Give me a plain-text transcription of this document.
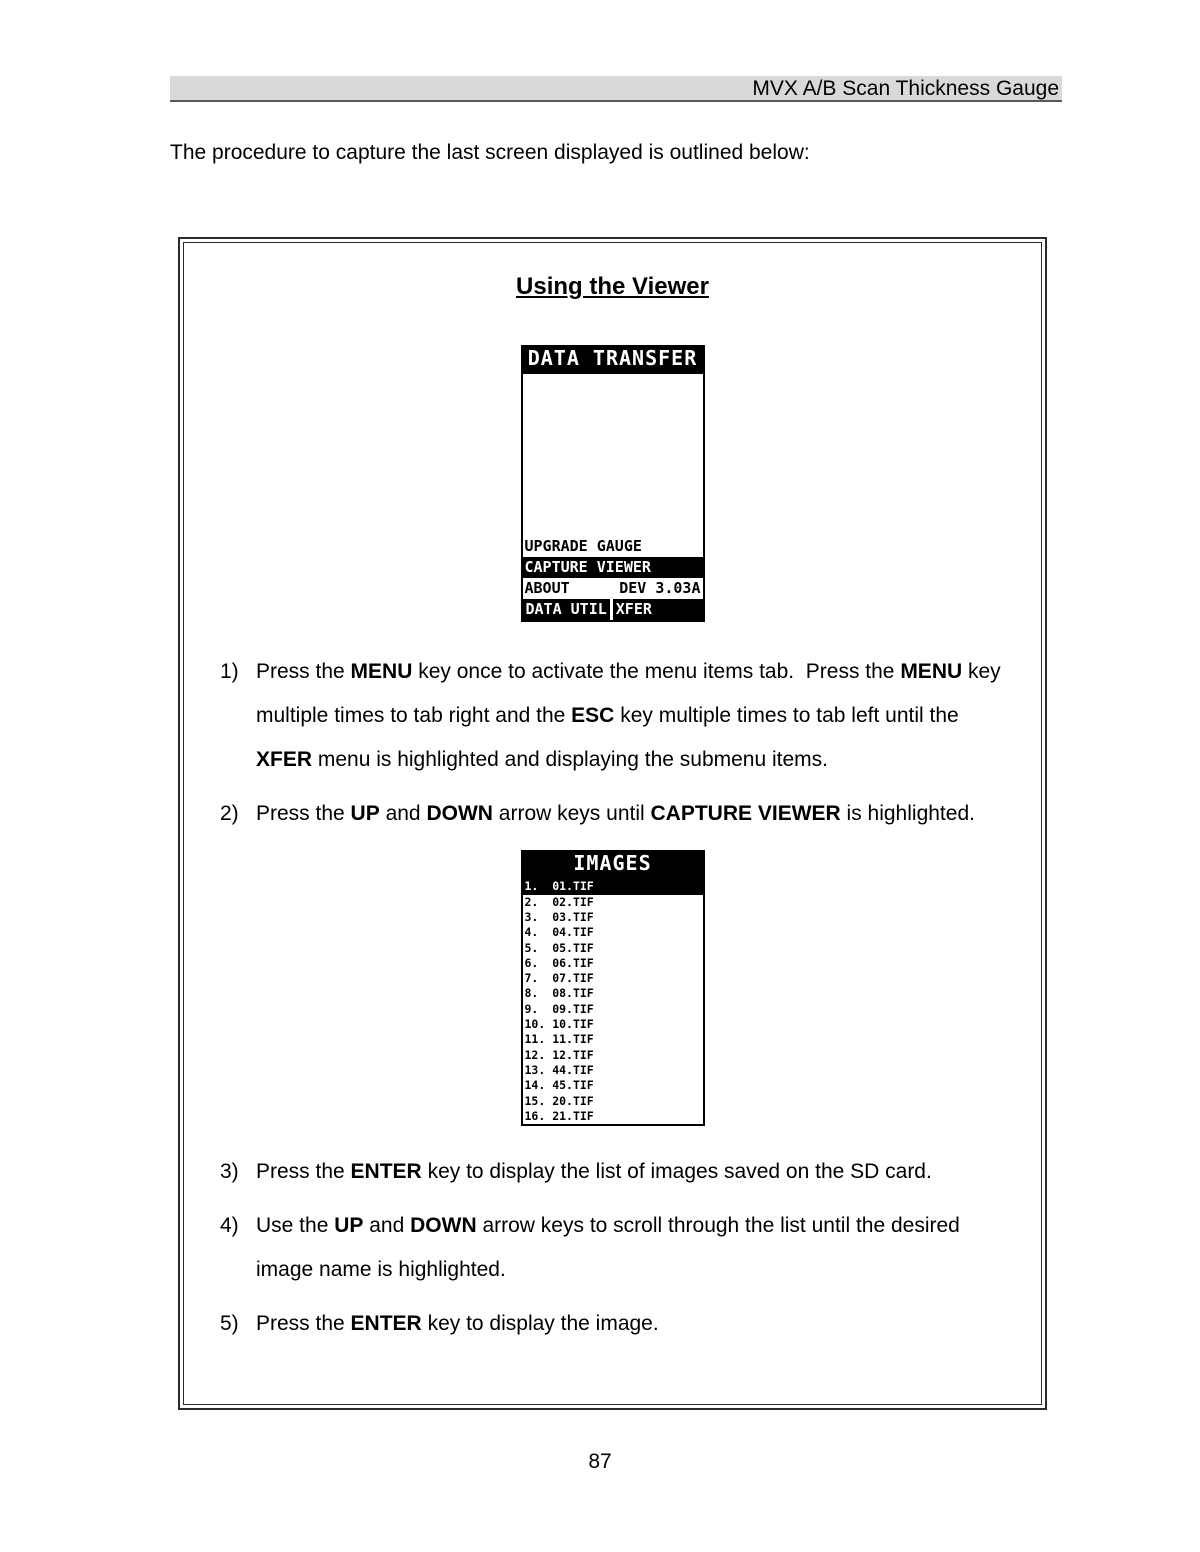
MVX A/B Scan Thickness Gauge

The procedure to capture the last screen displayed is outlined below:

Using the Viewer
DATA TRANSFER
UPGRADE GAUGE
CAPTURE VIEWER
ABOUT	DEV 3.03A
DATA UTIL XFER
1) Press the MENU key once to activate the menu items tab.  Press the MENU key multiple times to tab right and the ESC key multiple times to tab left until the XFER menu is highlighted and displaying the submenu items.
2) Press the UP and DOWN arrow keys until CAPTURE VIEWER is highlighted.
IMAGES
1.  01.TIF
2.  02.TIF
3.  03.TIF
4.  04.TIF
5.  05.TIF
6.  06.TIF
7.  07.TIF
8.  08.TIF
9.  09.TIF
10. 10.TIF
11. 11.TIF
12. 12.TIF
13. 44.TIF
14. 45.TIF
15. 20.TIF
16. 21.TIF
3) Press the ENTER key to display the list of images saved on the SD card.
4) Use the UP and DOWN arrow keys to scroll through the list until the desired image name is highlighted.
5) Press the ENTER key to display the image.
87
